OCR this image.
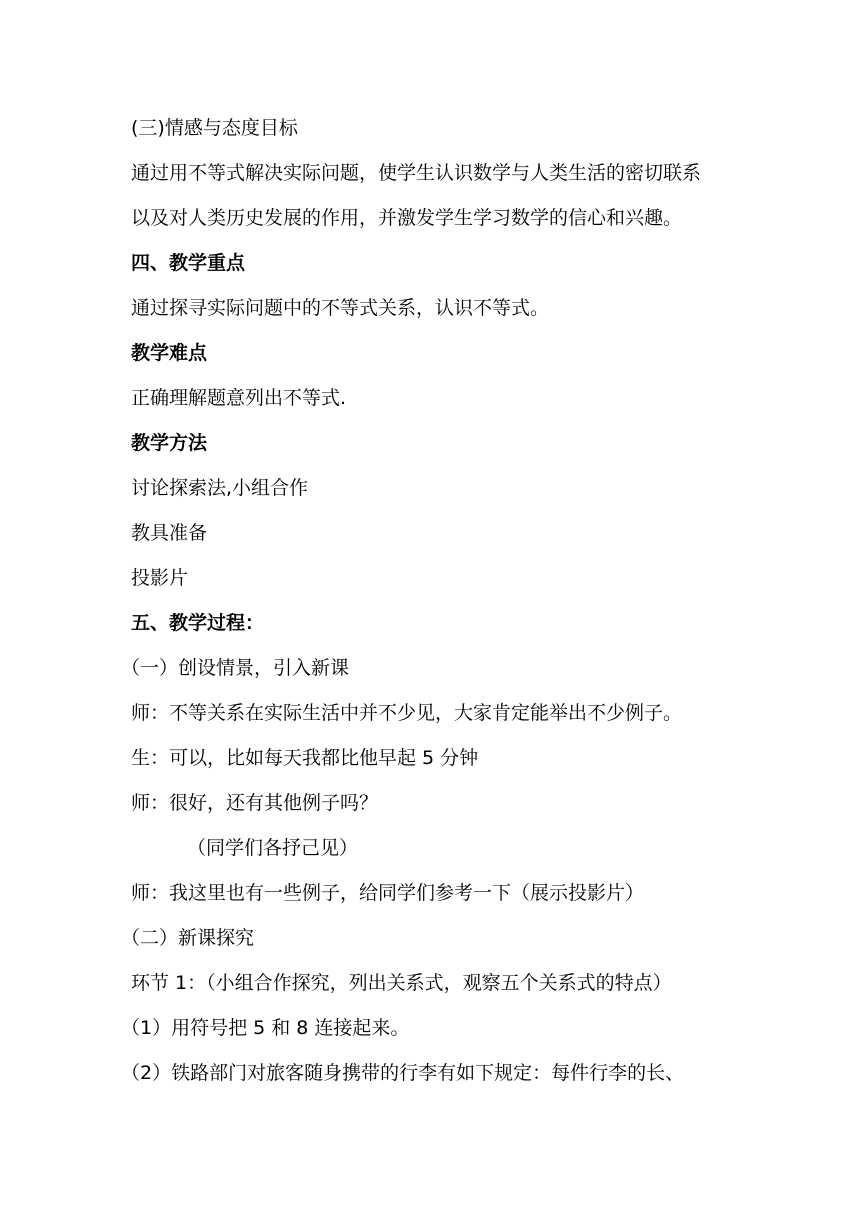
(三)情感与态度目标
通过用不等式解决实际问题，使学生认识数学与人类生活的密切联系
以及对人类历史发展的作用，并激发学生学习数学的信心和兴趣。
四、教学重点
通过探寻实际问题中的不等式关系，认识不等式。
教学难点
正确理解题意列出不等式.
教学方法
讨论探索法,小组合作
教具准备
投影片
五、教学过程：
（一）创设情景，引入新课
师：不等关系在实际生活中并不少见，大家肯定能举出不少例子。
生：可以，比如每天我都比他早起 5 分钟
师：很好，还有其他例子吗？
（同学们各抒己见）
师：我这里也有一些例子，给同学们参考一下（展示投影片）
（二）新课探究
环节 1：（小组合作探究，列出关系式，观察五个关系式的特点）
（1）用符号把 5 和 8 连接起来。
（2）铁路部门对旅客随身携带的行李有如下规定：每件行李的长、
